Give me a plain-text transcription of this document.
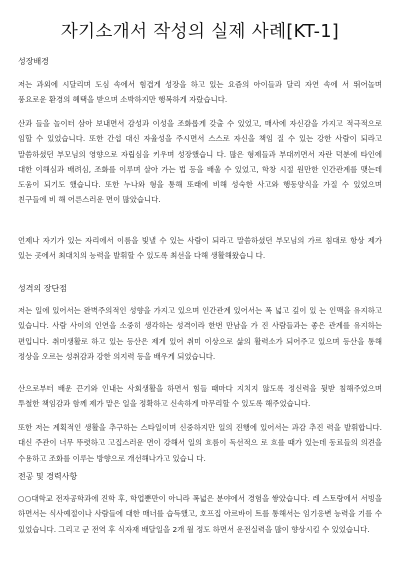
자기소개서 작성의 실제 사례[KT-1]
성장배경
저는 과외에 시달리며 도심 속에서 힘겹게 성장을 하고 있는 요즘의 아이들과 달리 자연 속에 서 뛰어놀며 풍요로운 환경의 혜택을 받으며 소박하지만 행복하게 자랐습니다.
산과 들을 놀이터 삼아 보내면서 감성과 이성을 조화롭게 갖출 수 있었고, 매사에 자신감을 가지고 적극적으로 임할 수 있었습니다. 또한 간섭 대신 자율성을 주시면서 스스로 자신을 책임 질 수 있는 강한 사람이 되라고 말씀하셨던 부모님의 영향으로 자립심을 키우며 성장했습니 다. 많은 형제들과 부대끼면서 자란 덕분에 타인에 대한 이해심과 배려심, 조화를 이루며 살아 가는 법 등을 배울 수 있었고, 학창 시절 원만한 인간관계를 맺는데 도움이 되기도 했습니다. 또한 누나와 형을 통해 또래에 비해 성숙한 사고와 행동양식을 가질 수 있었으며 친구들에 비 해 어른스러운 면이 많았습니다.
언제나 자기가 있는 자리에서 이름을 빛낼 수 있는 사람이 되라고 말씀하셨던 부모님의 가르 침대로 항상 제가 있는 곳에서 최대치의 능력을 발휘할 수 있도록 최선을 다해 생활해왔습니 다.
성격의 장단점
저는 일에 있어서는 완벽주의적인 성향을 가지고 있으며 인간관계 있어서는 폭 넓고 깊이 있 는 인맥을 유지하고 있습니다. 사람 사이의 인연을 소중히 생각하는 성격이라 한번 만남을 가 진 사람들과는 좋은 관계를 유지하는 편입니다. 취미생활로 하고 있는 등산은 제게 있어 취미 이상으로 삶의 활력소가 되어주고 있으며 등산을 통해 정상을 오르는 성취감과 강한 의지력 등을 배우게 되었습니다.
산으로부터 배운 끈기와 인내는 사회생활을 하면서 힘들 때마다 지치지 않도록 정신력을 뒷받 침해주었으며 투철한 책임감과 함께 제가 맡은 일을 정확하고 신속하게 마무리할 수 있도록 해주었습니다.
또한 저는 계획적인 생활을 추구하는 스타일이며 신중하지만 일의 진행에 있어서는 과감 추진 력을 발휘합니다. 대신 주관이 너무 뚜렷하고 고집스러운 면이 강해서 일의 흐름이 독선적으 로 흐를 때가 있는데 동료들의 의견을 수용하고 조화를 이루는 방향으로 개선해나가고 있습니 다.
전공 및 경력사항
○○대학교 전자공학과에 진학 후, 학업뿐만이 아니라 폭넓은 분야에서 경험을 쌓았습니다. 레 스토랑에서 서빙을 하면서는 식사예절이나 사람들에 대한 매너를 습득했고, 호프집 아르바이 트를 통해서는 임기응변 능력을 기를 수 있었습니다. 그리고 군 전역 후 식자재 배달일을 2개 월 정도 하면서 운전실력을 많이 향상시킬 수 있었습니다.
